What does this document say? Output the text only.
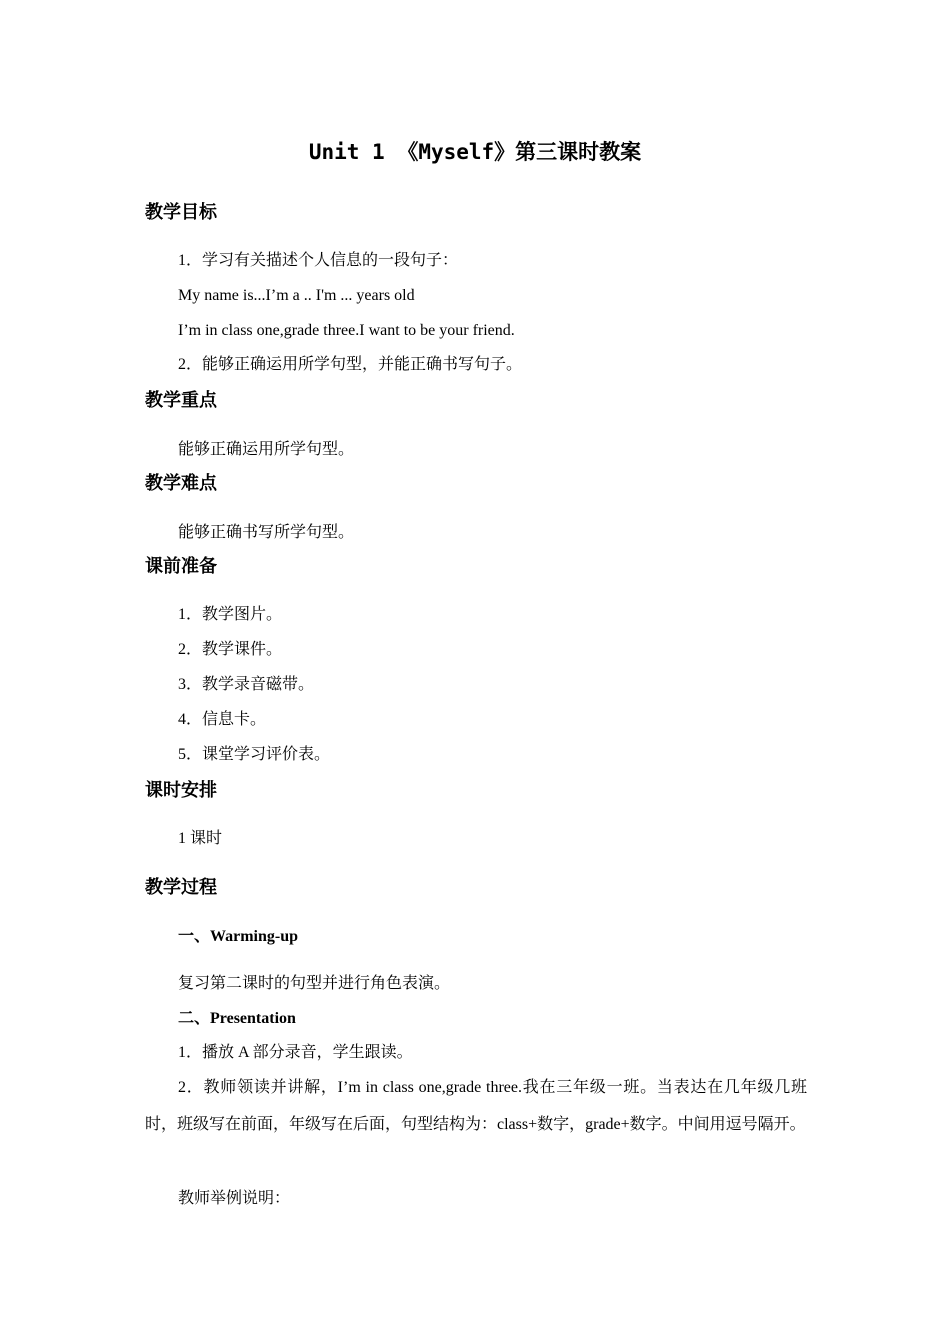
Unit 1 《Myself》第三课时教案
教学目标
1．学习有关描述个人信息的一段句子：
My name is...I’m a .. I'm ... years old
I’m in class one,grade three.I want to be your friend.
2．能够正确运用所学句型，并能正确书写句子。
教学重点
能够正确运用所学句型。
教学难点
能够正确书写所学句型。
课前准备
1．教学图片。
2．教学课件。
3．教学录音磁带。
4．信息卡。
5．课堂学习评价表。
课时安排
1 课时
教学过程
一、Warming-up
复习第二课时的句型并进行角色表演。
二、Presentation
1．播放 A 部分录音，学生跟读。
2．教师领读并讲解，I’m in class one,grade three.我在三年级一班。当表达在几年级几班时，班级写在前面，年级写在后面，句型结构为：class+数字，grade+数字。中间用逗号隔开。
教师举例说明：
